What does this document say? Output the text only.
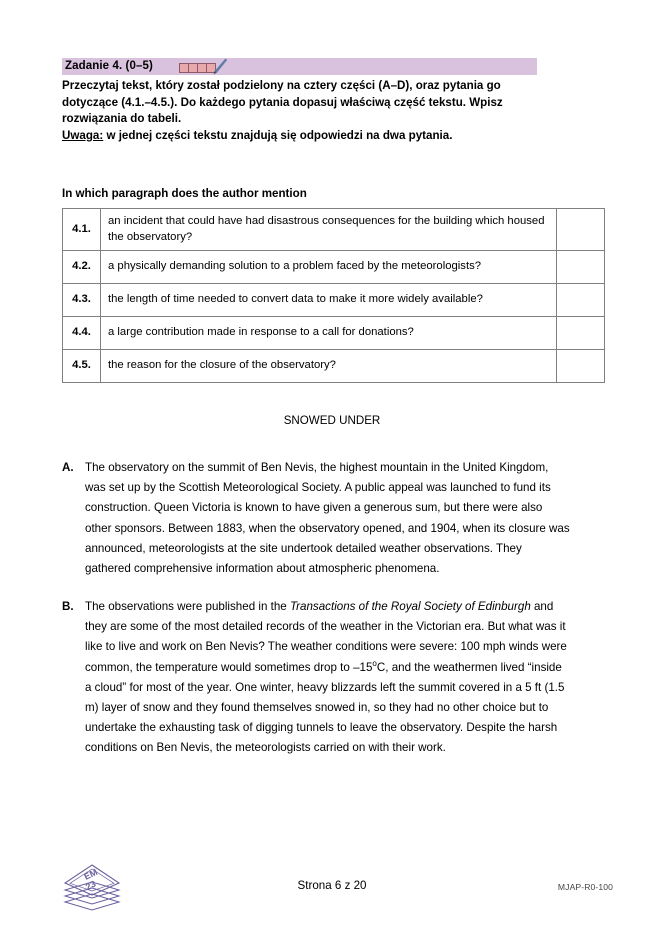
Zadanie 4. (0–5)
Przeczytaj tekst, który został podzielony na cztery części (A–D), oraz pytania go
dotyczące (4.1.–4.5.). Do każdego pytania dopasuj właściwą część tekstu. Wpisz
rozwiązania do tabeli.
Uwaga: w jednej części tekstu znajdują się odpowiedzi na dwa pytania.
In which paragraph does the author mention
4.1.	an incident that could have had disastrous consequences for the building which housed the observatory?	
4.2.	a physically demanding solution to a problem faced by the meteorologists?	
4.3.	the length of time needed to convert data to make it more widely available?	
4.4.	a large contribution made in response to a call for donations?	
4.5.	the reason for the closure of the observatory?	
SNOWED UNDER
A. The observatory on the summit of Ben Nevis, the highest mountain in the United Kingdom, was set up by the Scottish Meteorological Society. A public appeal was launched to fund its construction. Queen Victoria is known to have given a generous sum, but there were also other sponsors. Between 1883, when the observatory opened, and 1904, when its closure was announced, meteorologists at the site undertook detailed weather observations. They gathered comprehensive information about atmospheric phenomena.
B. The observations were published in the Transactions of the Royal Society of Edinburgh and they are some of the most detailed records of the weather in the Victorian era. But what was it like to live and work on Ben Nevis? The weather conditions were severe: 100 mph winds were common, the temperature would sometimes drop to –15$^o$C, and the weathermen lived “inside a cloud” for most of the year. One winter, heavy blizzards left the summit covered in a 5 ft (1.5 m) layer of snow and they found themselves snowed in, so they had no other choice but to undertake the exhausting task of digging tunnels to leave the observatory. Despite the harsh conditions on Ben Nevis, the meteorologists carried on with their work.
EM
23	Strona 6 z 20	MJAP-R0-100
